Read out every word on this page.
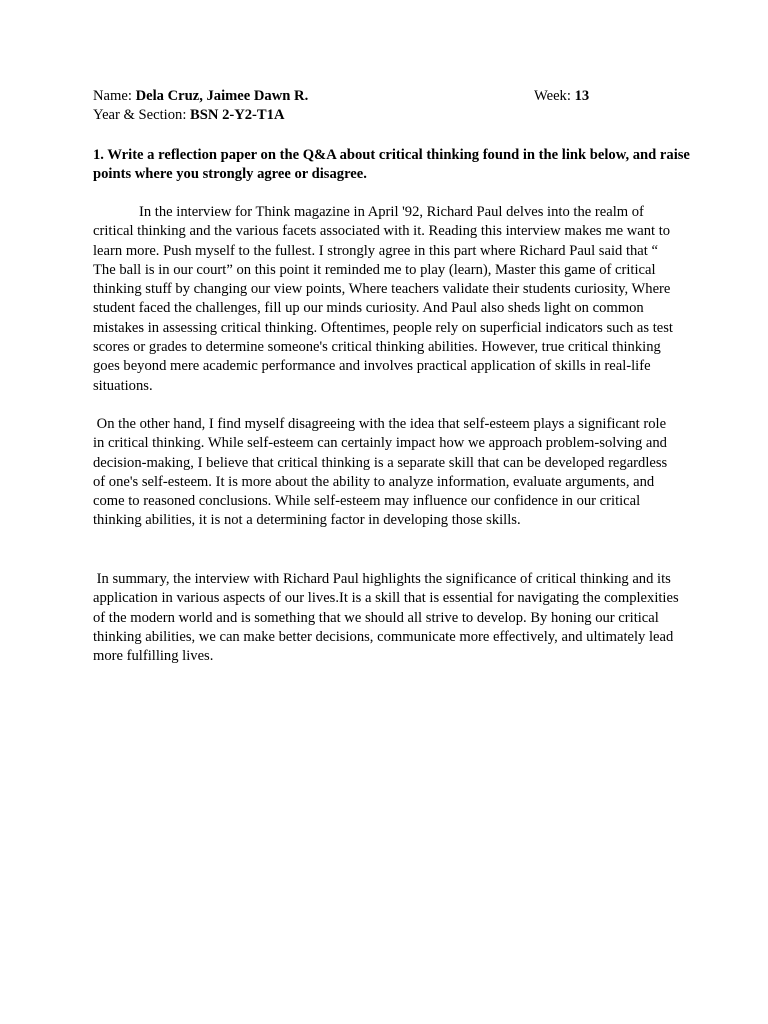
Name: Dela Cruz, Jaimee Dawn R.	Week: 13
Year & Section: BSN 2-Y2-T1A
1. Write a reflection paper on the Q&A about critical thinking found in the link below, and raise points where you strongly agree or disagree.

In the interview for Think magazine in April '92, Richard Paul delves into the realm of critical thinking and the various facets associated with it. Reading this interview makes me want to learn more. Push myself to the fullest. I strongly agree in this part where Richard Paul said that “ The ball is in our court” on this point it reminded me to play (learn), Master this game of critical thinking stuff by changing our view points, Where teachers validate their students curiosity, Where student faced the challenges, fill up our minds curiosity. And Paul also sheds light on common mistakes in assessing critical thinking. Oftentimes, people rely on superficial indicators such as test scores or grades to determine someone's critical thinking abilities. However, true critical thinking goes beyond mere academic performance and involves practical application of skills in real-life situations.

On the other hand, I find myself disagreeing with the idea that self-esteem plays a significant role in critical thinking. While self-esteem can certainly impact how we approach problem-solving and decision-making, I believe that critical thinking is a separate skill that can be developed regardless of one's self-esteem. It is more about the ability to analyze information, evaluate arguments, and come to reasoned conclusions. While self-esteem may influence our confidence in our critical thinking abilities, it is not a determining factor in developing those skills.

In summary, the interview with Richard Paul highlights the significance of critical thinking and its application in various aspects of our lives.It is a skill that is essential for navigating the complexities of the modern world and is something that we should all strive to develop. By honing our critical thinking abilities, we can make better decisions, communicate more effectively, and ultimately lead more fulfilling lives.
